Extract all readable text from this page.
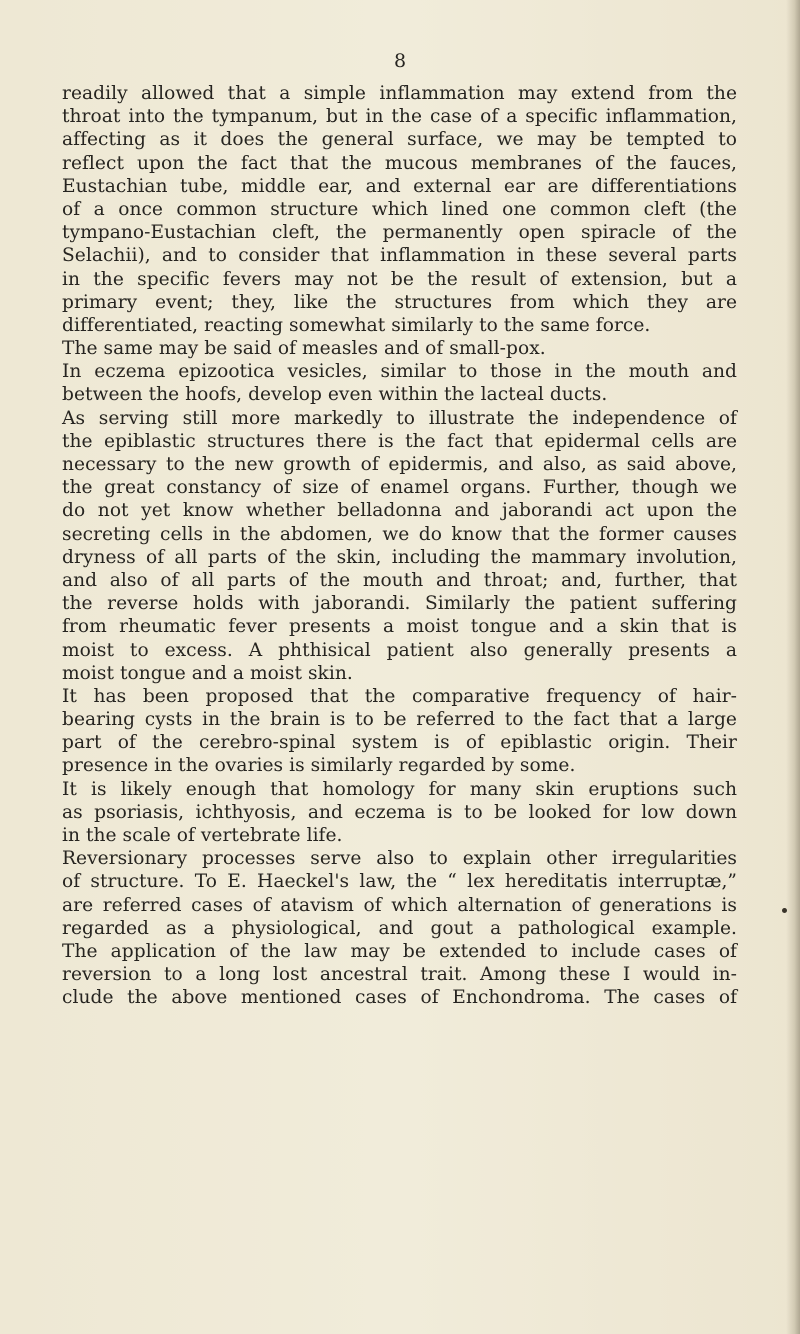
8
readily allowed that a simple inflammation may extend from the
throat into the tympanum, but in the case of a specific inflammation,
affecting as it does the general surface, we may be tempted to
reflect upon the fact that the mucous membranes of the fauces,
Eustachian tube, middle ear, and external ear are differentiations
of a once common structure which lined one common cleft (the
tympano-Eustachian cleft, the permanently open spiracle of the
Selachii), and to consider that inflammation in these several parts
in the specific fevers may not be the result of extension, but a
primary event; they, like the structures from which they are
differentiated, reacting somewhat similarly to the same force.
The same may be said of measles and of small-pox.
In eczema epizootica vesicles, similar to those in the mouth and
between the hoofs, develop even within the lacteal ducts.
As serving still more markedly to illustrate the independence of
the epiblastic structures there is the fact that epidermal cells are
necessary to the new growth of epidermis, and also, as said above,
the great constancy of size of enamel organs. Further, though we
do not yet know whether belladonna and jaborandi act upon the
secreting cells in the abdomen, we do know that the former causes
dryness of all parts of the skin, including the mammary involution,
and also of all parts of the mouth and throat; and, further, that
the reverse holds with jaborandi. Similarly the patient suffering
from rheumatic fever presents a moist tongue and a skin that is
moist to excess. A phthisical patient also generally presents a
moist tongue and a moist skin.
It has been proposed that the comparative frequency of hair-
bearing cysts in the brain is to be referred to the fact that a large
part of the cerebro-spinal system is of epiblastic origin. Their
presence in the ovaries is similarly regarded by some.
It is likely enough that homology for many skin eruptions such
as psoriasis, ichthyosis, and eczema is to be looked for low down
in the scale of vertebrate life.
Reversionary processes serve also to explain other irregularities
of structure. To E. Haeckel's law, the “ lex hereditatis interruptæ,”
are referred cases of atavism of which alternation of generations is
regarded as a physiological, and gout a pathological example.
The application of the law may be extended to include cases of
reversion to a long lost ancestral trait. Among these I would in-
clude the above mentioned cases of Enchondroma. The cases of
